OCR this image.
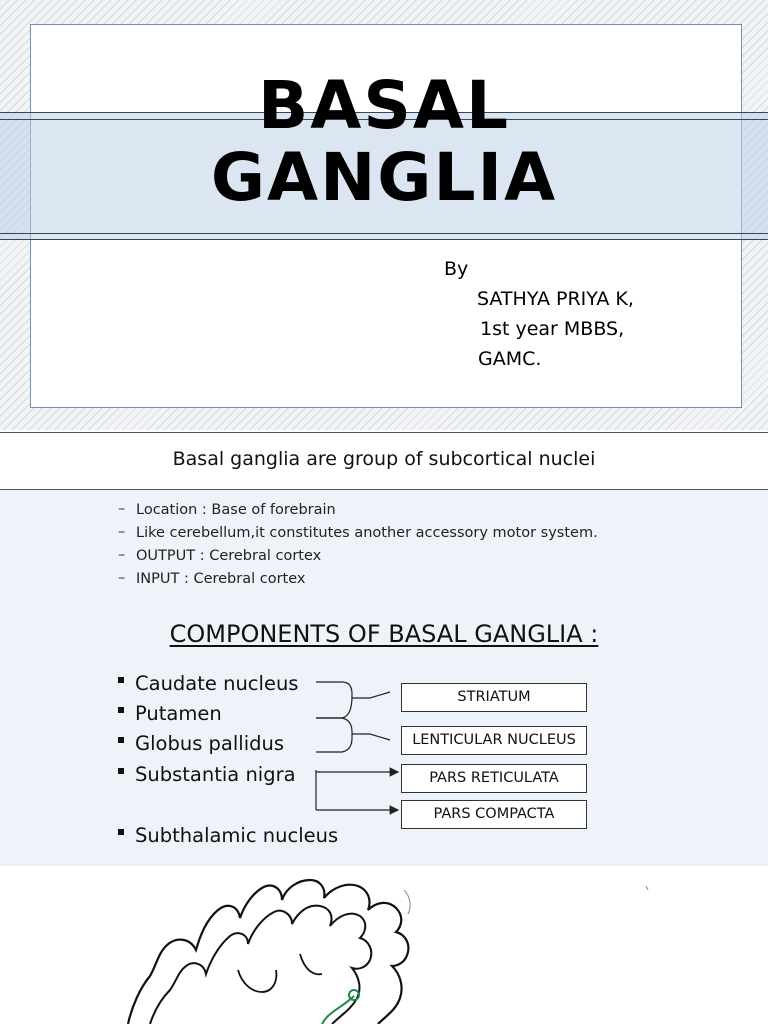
BASAL
GANGLIA
By
SATHYA PRIYA K,
1st year MBBS,
GAMC.
Basal ganglia are group of subcortical nuclei
– Location : Base of forebrain
– Like cerebellum,it constitutes another accessory motor system.
– OUTPUT : Cerebral cortex
– INPUT : Cerebral cortex
COMPONENTS OF BASAL GANGLIA :
Caudate nucleus
Putamen
Globus pallidus
Substantia nigra
Subthalamic nucleus
STRIATUM
LENTICULAR NUCLEUS
PARS RETICULATA
PARS COMPACTA
